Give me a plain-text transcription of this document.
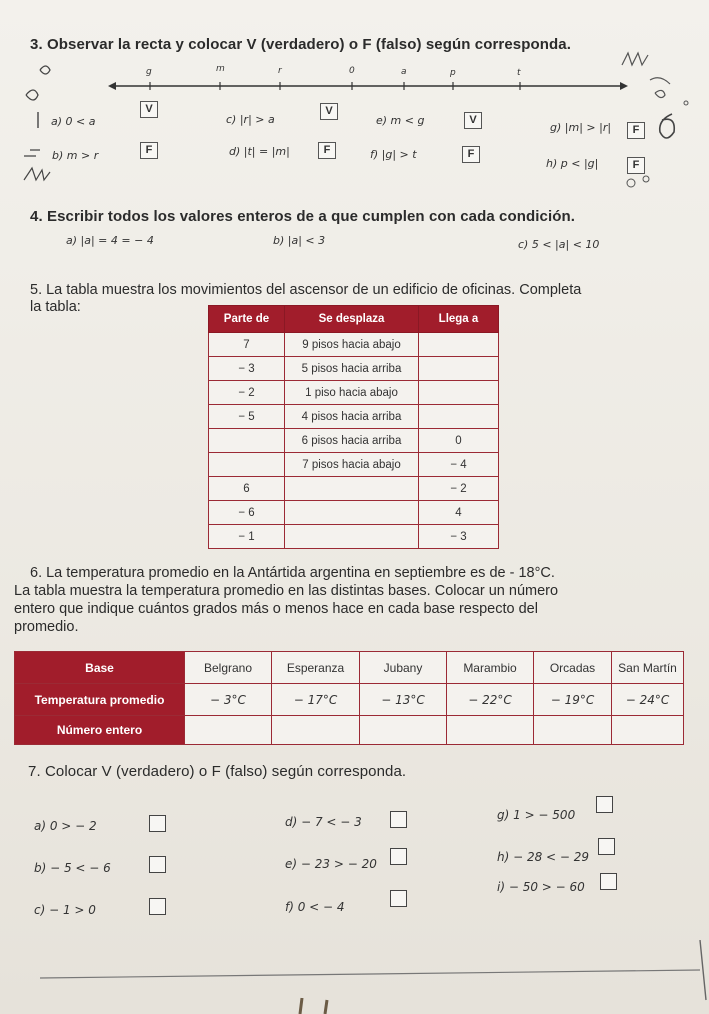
3. Observar la recta y colocar V (verdadero) o F (falso) según corresponda.
g	m	r	0	a	p	t
a) 0 < a
V
c) |r| > a
V
e) m < g	V
g) |m| > |r|	F
b) m > r	F	d) |t| = |m|	F	f) |g| > t	F
h) p < |g|	F
4. Escribir todos los valores enteros de a que cumplen con cada condición.
a) |a| = 4 = − 4	b) |a| < 3	c) 5 < |a| < 10
5. La tabla muestra los movimientos del ascensor de un edificio de oficinas. Completa
la tabla:
Parte de	Se desplaza	Llega a
7	9 pisos hacia abajo	
− 3	5 pisos hacia arriba	
− 2	1 piso hacia abajo	
− 5	4 pisos hacia arriba	
	6 pisos hacia arriba	0
	7 pisos hacia abajo	− 4
6		− 2
− 6		4
− 1		− 3
6. La temperatura promedio en la Antártida argentina en septiembre es de - 18°C.
La tabla muestra la temperatura promedio en las distintas bases. Colocar un número
entero que indique cuántos grados más o menos hace en cada base respecto del
promedio.
Base	Belgrano	Esperanza	Jubany	Marambio	Orcadas	San Martín
Temperatura promedio	− 3°C	− 17°C	− 13°C	− 22°C	− 19°C	− 24°C
Número entero						
7. Colocar V (verdadero) o F (falso) según corresponda.
a) 0 > − 2	d) − 7 < − 3	g) 1 > − 500
b) − 5 < − 6	e) − 23 > − 20	h) − 28 < − 29
c) − 1 > 0	f) 0 < − 4
i) − 50 > − 60
